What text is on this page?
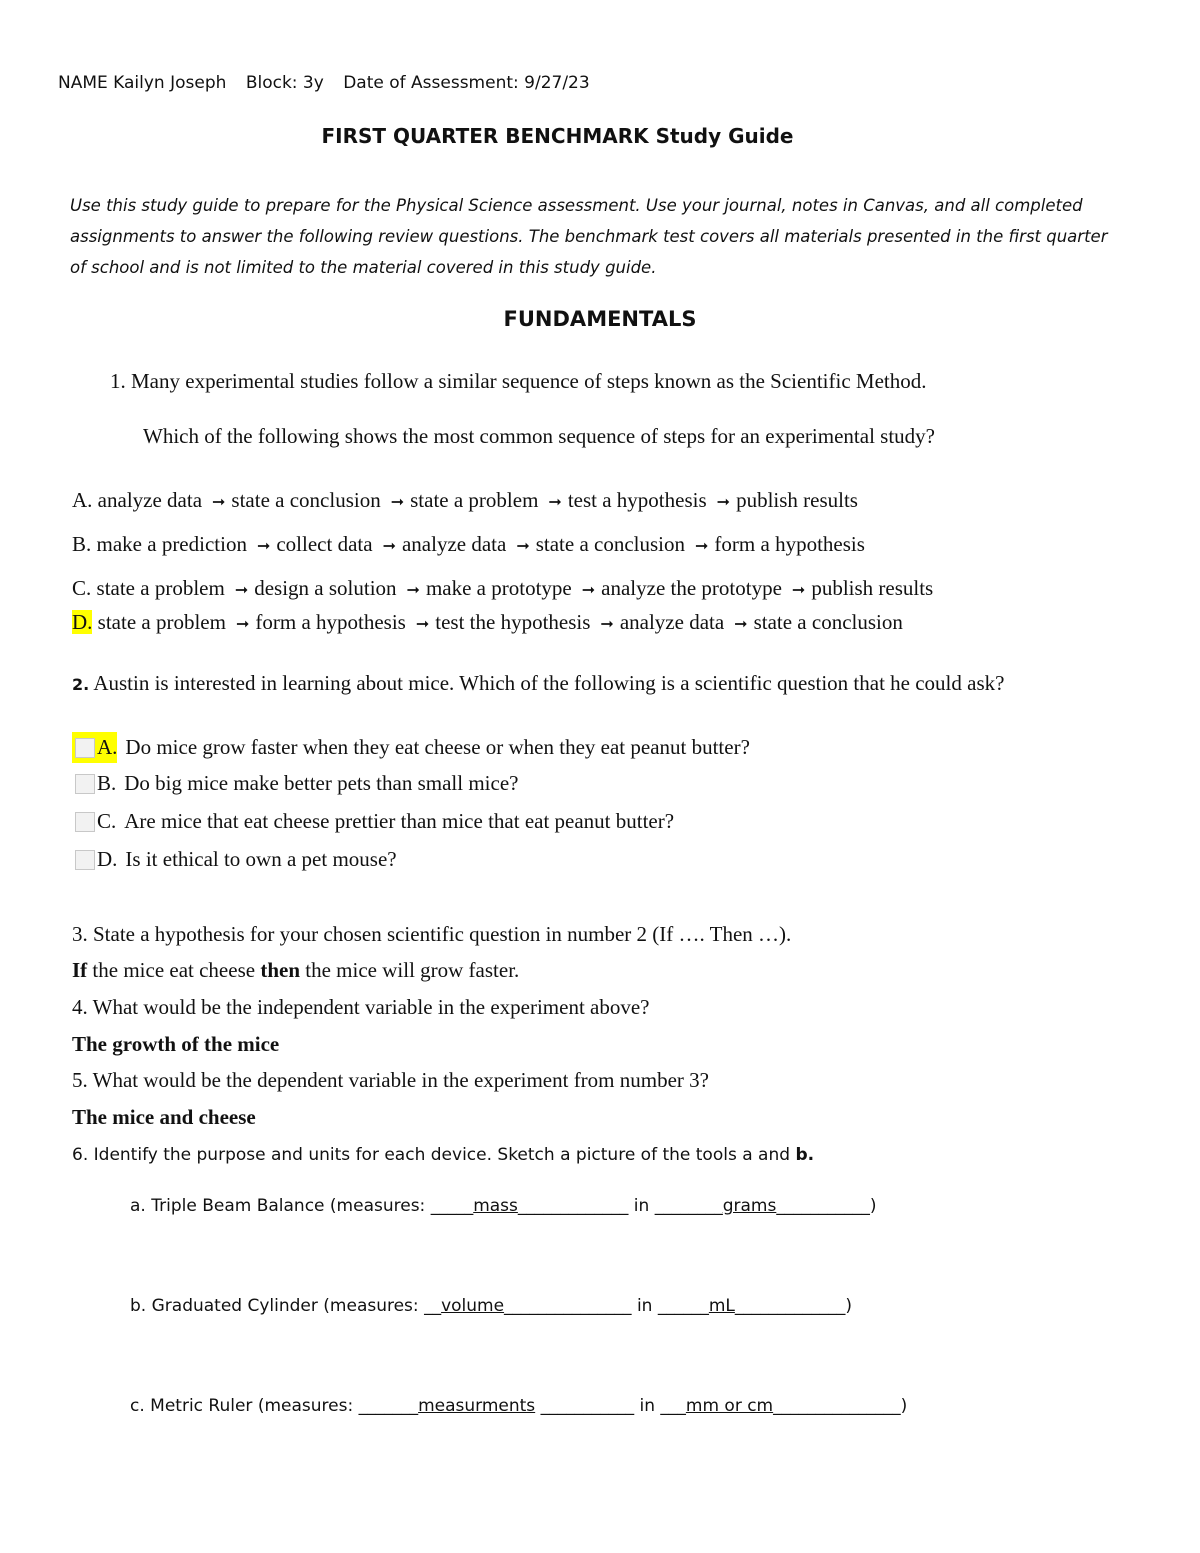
NAME Kailyn Joseph Block: 3y Date of Assessment: 9/27/23
FIRST QUARTER BENCHMARK Study Guide
Use this study guide to prepare for the Physical Science assessment. Use your journal, notes in Canvas, and all completed assignments to answer the following review questions. The benchmark test covers all materials presented in the first quarter of school and is not limited to the material covered in this study guide.
FUNDAMENTALS
1. Many experimental studies follow a similar sequence of steps known as the Scientific Method.
Which of the following shows the most common sequence of steps for an experimental study?
A. analyze data ➞ state a conclusion ➞ state a problem ➞ test a hypothesis ➞ publish results
B. make a prediction ➞ collect data ➞ analyze data ➞ state a conclusion ➞ form a hypothesis
C. state a problem ➞ design a solution ➞ make a prototype ➞ analyze the prototype ➞ publish results
D. state a problem ➞ form a hypothesis ➞ test the hypothesis ➞ analyze data ➞ state a conclusion
2. Austin is interested in learning about mice. Which of the following is a scientific question that he could ask?
A. Do mice grow faster when they eat cheese or when they eat peanut butter?
B. Do big mice make better pets than small mice?
C. Are mice that eat cheese prettier than mice that eat peanut butter?
D. Is it ethical to own a pet mouse?
3. State a hypothesis for your chosen scientific question in number 2 (If …. Then …).
If the mice eat cheese then the mice will grow faster.
4. What would be the independent variable in the experiment above?
The growth of the mice
5. What would be the dependent variable in the experiment from number 3?
The mice and cheese
6. Identify the purpose and units for each device. Sketch a picture of the tools a and b.
a. Triple Beam Balance (measures: _____mass_____________ in ________grams___________)
b. Graduated Cylinder (measures: __volume_______________ in ______mL_____________)
c. Metric Ruler (measures: _______measurments ___________ in ___mm or cm_______________)
